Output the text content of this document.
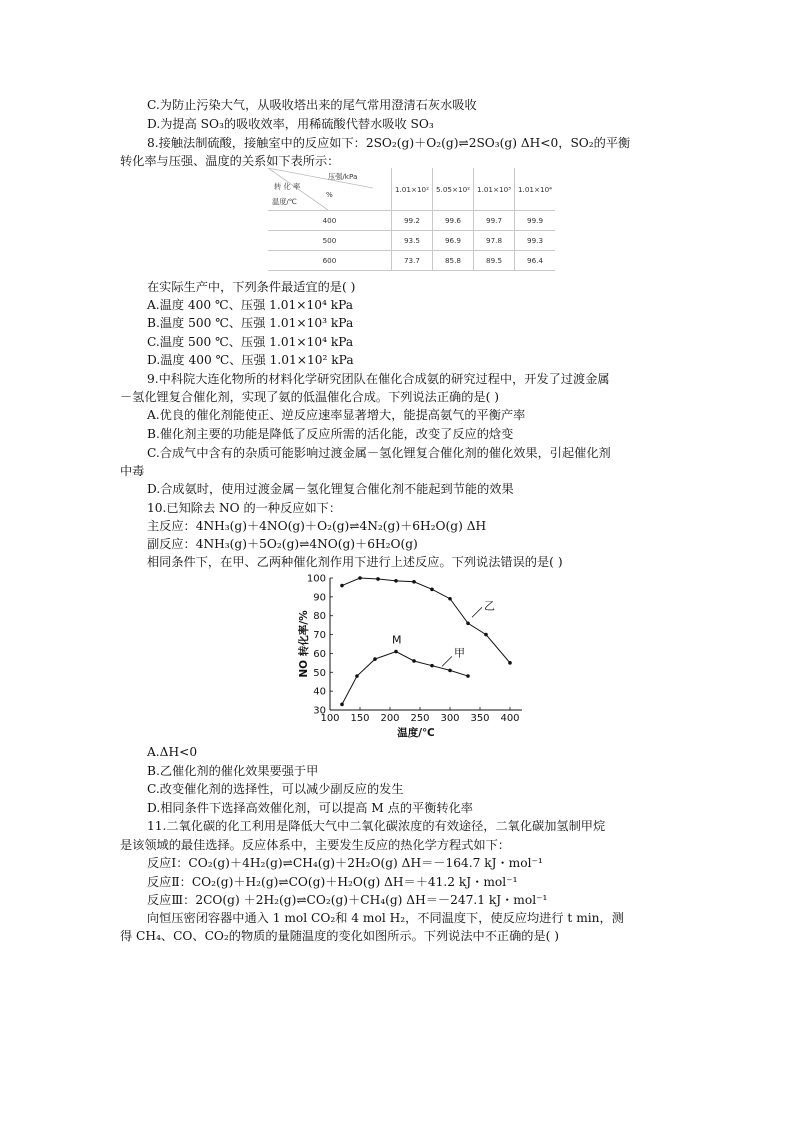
C.为防止污染大气，从吸收塔出来的尾气常用澄清石灰水吸收
D.为提高 SO₃的吸收效率，用稀硫酸代替水吸收 SO₃
8.接触法制硫酸，接触室中的反应如下：2SO₂(g)＋O₂(g)⇌2SO₃(g) ΔH<0，SO₂的平衡
转化率与压强、温度的关系如下表所示：
压强/kPa
转 化 率
%
温度/℃	1.01×10²	5.05×10²	1.01×10³	1.01×10⁴
400	99.2	99.6	99.7	99.9
500	93.5	96.9	97.8	99.3
600	73.7	85.8	89.5	96.4
在实际生产中，下列条件最适宜的是( )
A.温度 400 ℃、压强 1.01×10⁴ kPa
B.温度 500 ℃、压强 1.01×10³ kPa
C.温度 500 ℃、压强 1.01×10⁴ kPa
D.温度 400 ℃、压强 1.01×10² kPa
9.中科院大连化物所的材料化学研究团队在催化合成氨的研究过程中，开发了过渡金属
－氢化锂复合催化剂，实现了氨的低温催化合成。下列说法正确的是( )
A.优良的催化剂能使正、逆反应速率显著增大，能提高氨气的平衡产率
B.催化剂主要的功能是降低了反应所需的活化能，改变了反应的焓变
C.合成气中含有的杂质可能影响过渡金属－氢化锂复合催化剂的催化效果，引起催化剂
中毒
D.合成氨时，使用过渡金属－氢化锂复合催化剂不能起到节能的效果
10.已知除去 NO 的一种反应如下：
主反应：4NH₃(g)＋4NO(g)＋O₂(g)⇌4N₂(g)＋6H₂O(g) ΔH
副反应：4NH₃(g)＋5O₂(g)⇌4NO(g)＋6H₂O(g)
相同条件下，在甲、乙两种催化剂作用下进行上述反应。下列说法错误的是( )
100 150 200 250 300 350 400
30
40
50
60
70
80
90
100
温度/℃
NO 转化率/%
乙
甲
M
A.ΔH<0
B.乙催化剂的催化效果要强于甲
C.改变催化剂的选择性，可以减少副反应的发生
D.相同条件下选择高效催化剂，可以提高 M 点的平衡转化率
11.二氧化碳的化工利用是降低大气中二氧化碳浓度的有效途径，二氧化碳加氢制甲烷
是该领域的最佳选择。反应体系中，主要发生反应的热化学方程式如下：
反应Ⅰ：CO₂(g)＋4H₂(g)⇌CH₄(g)＋2H₂O(g) ΔH＝－164.7 kJ・mol⁻¹
反应Ⅱ：CO₂(g)＋H₂(g)⇌CO(g)＋H₂O(g) ΔH＝＋41.2 kJ・mol⁻¹
反应Ⅲ：2CO(g) ＋2H₂(g)⇌CO₂(g)＋CH₄(g) ΔH＝－247.1 kJ・mol⁻¹
向恒压密闭容器中通入 1 mol CO₂和 4 mol H₂，不同温度下，使反应均进行 t min，测
得 CH₄、CO、CO₂的物质的量随温度的变化如图所示。下列说法中不正确的是( )
